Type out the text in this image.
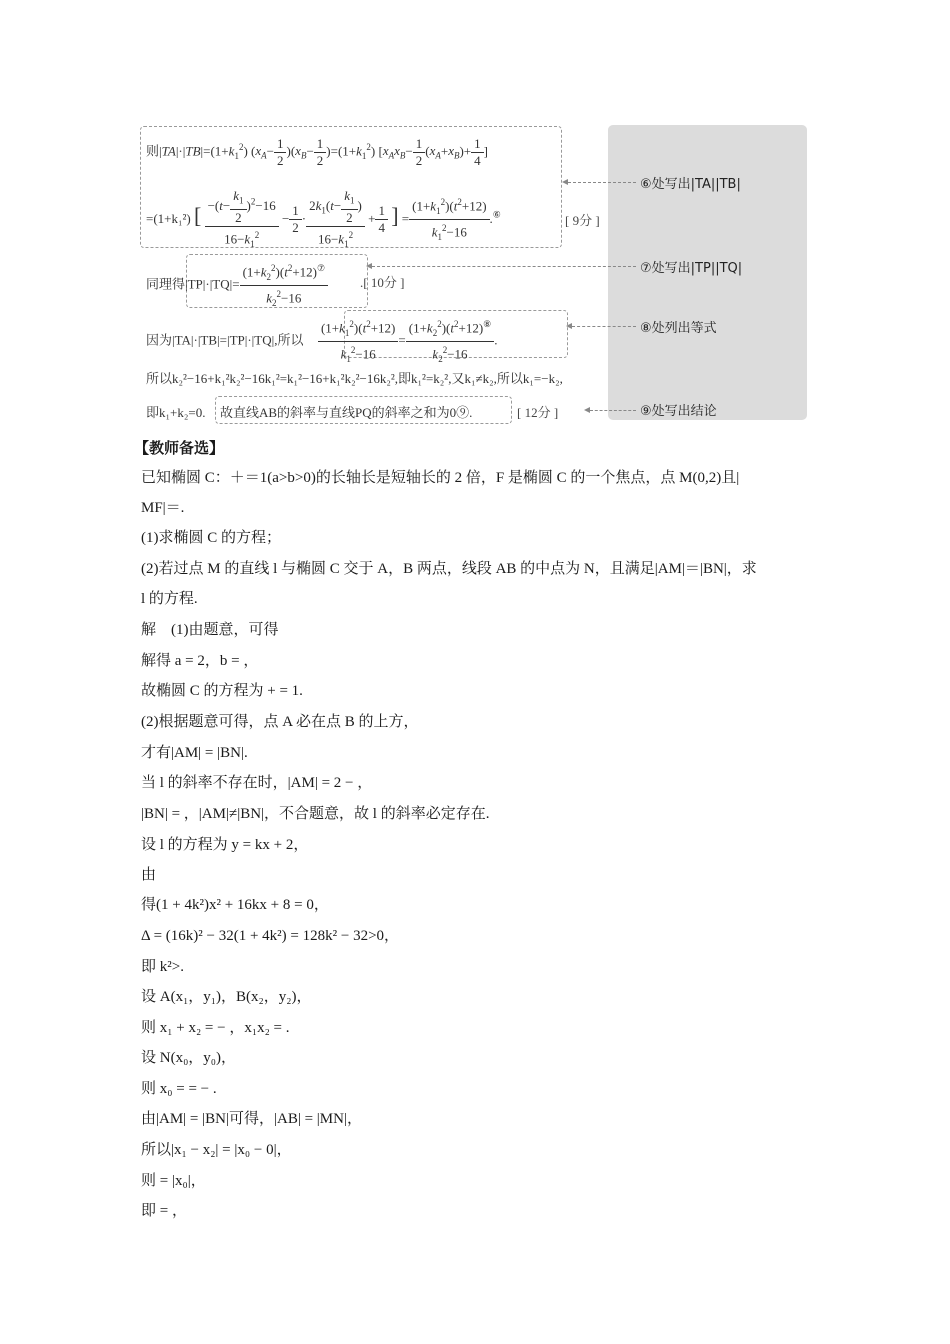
则$|TA|\cdot|TB|=(1+k_1^2)$ $(x_A- \frac{1}{2} )(x_B- \frac{1}{2} )=(1+k_1^2)$ [$x_Ax_B- \frac{1}{2} (x_A+x_B)+ \frac{1}{4}$ ]
=(1+k₁²) [ $\frac{-(t- \frac{k_1}{2} )^2-16}{16-k_1^2} - \frac{1}{2} \cdot \frac{2k_1(t- \frac{k_1}{2} )}{16-k_1^2} + \frac{1}{4}$ ] = $\frac{(1+k_1^2)(t^2+12)}{k_1^2-16} .^⑥$	[ 9分 ]
同理得$|TP|\cdot|TQ|= \frac{(1+k_2^2)(t^2+12)^⑦}{k_2^2-16}$ .[ 10分 ]
因为|TA|·|TB|=|TP|·|TQ|,所以 $\frac{(1+k_1^2)(t^2+12)}{k_1^2-16} = \frac{(1+k_2^2)(t^2+12)^⑧}{k_2^2-16}$ .
所以k₂²−16+k₁²k₂²−16k₁²=k₁²−16+k₁²k₂²−16k₂²,即k₁²=k₂²,又k₁≠k₂,所以k₁=−k₂,
即k₁+k₂=0. 故直线AB的斜率与直线PQ的斜率之和为0⑨.	[ 12分 ]
⑥处写出|TA||TB|
⑦处写出|TP||TQ|
⑧处列出等式
⑨处写出结论
【教师备选】
已知椭圆 C：＋＝1(a>b>0)的长轴长是短轴长的 2 倍，F 是椭圆 C 的一个焦点，点 M(0,2)且|
MF|＝.
(1)求椭圆 C 的方程；
(2)若过点 M 的直线 l 与椭圆 C 交于 A，B 两点，线段 AB 的中点为 N，且满足|AM|＝|BN|，求
l 的方程.
解　(1)由题意，可得
解得 a = 2，b = ，
故椭圆 C 的方程为 + = 1.
(2)根据题意可得，点 A 必在点 B 的上方，
才有|AM| = |BN|.
当 l 的斜率不存在时，|AM| = 2 − ，
|BN| = ，|AM|≠|BN|，不合题意，故 l 的斜率必定存在.
设 l 的方程为 y = kx + 2，
由
得(1 + 4k²)x² + 16kx + 8 = 0，
Δ = (16k)² − 32(1 + 4k²) = 128k² − 32>0，
即 k²>.
设 A(x₁，y₁)，B(x₂，y₂)，
则 x₁ + x₂ = − ，x₁x₂ = .
设 N(x₀，y₀)，
则 x₀ = = − .
由|AM| = |BN|可得，|AB| = |MN|，
所以|x₁ − x₂| = |x₀ − 0|，
则 = |x₀|，
即 = ，
